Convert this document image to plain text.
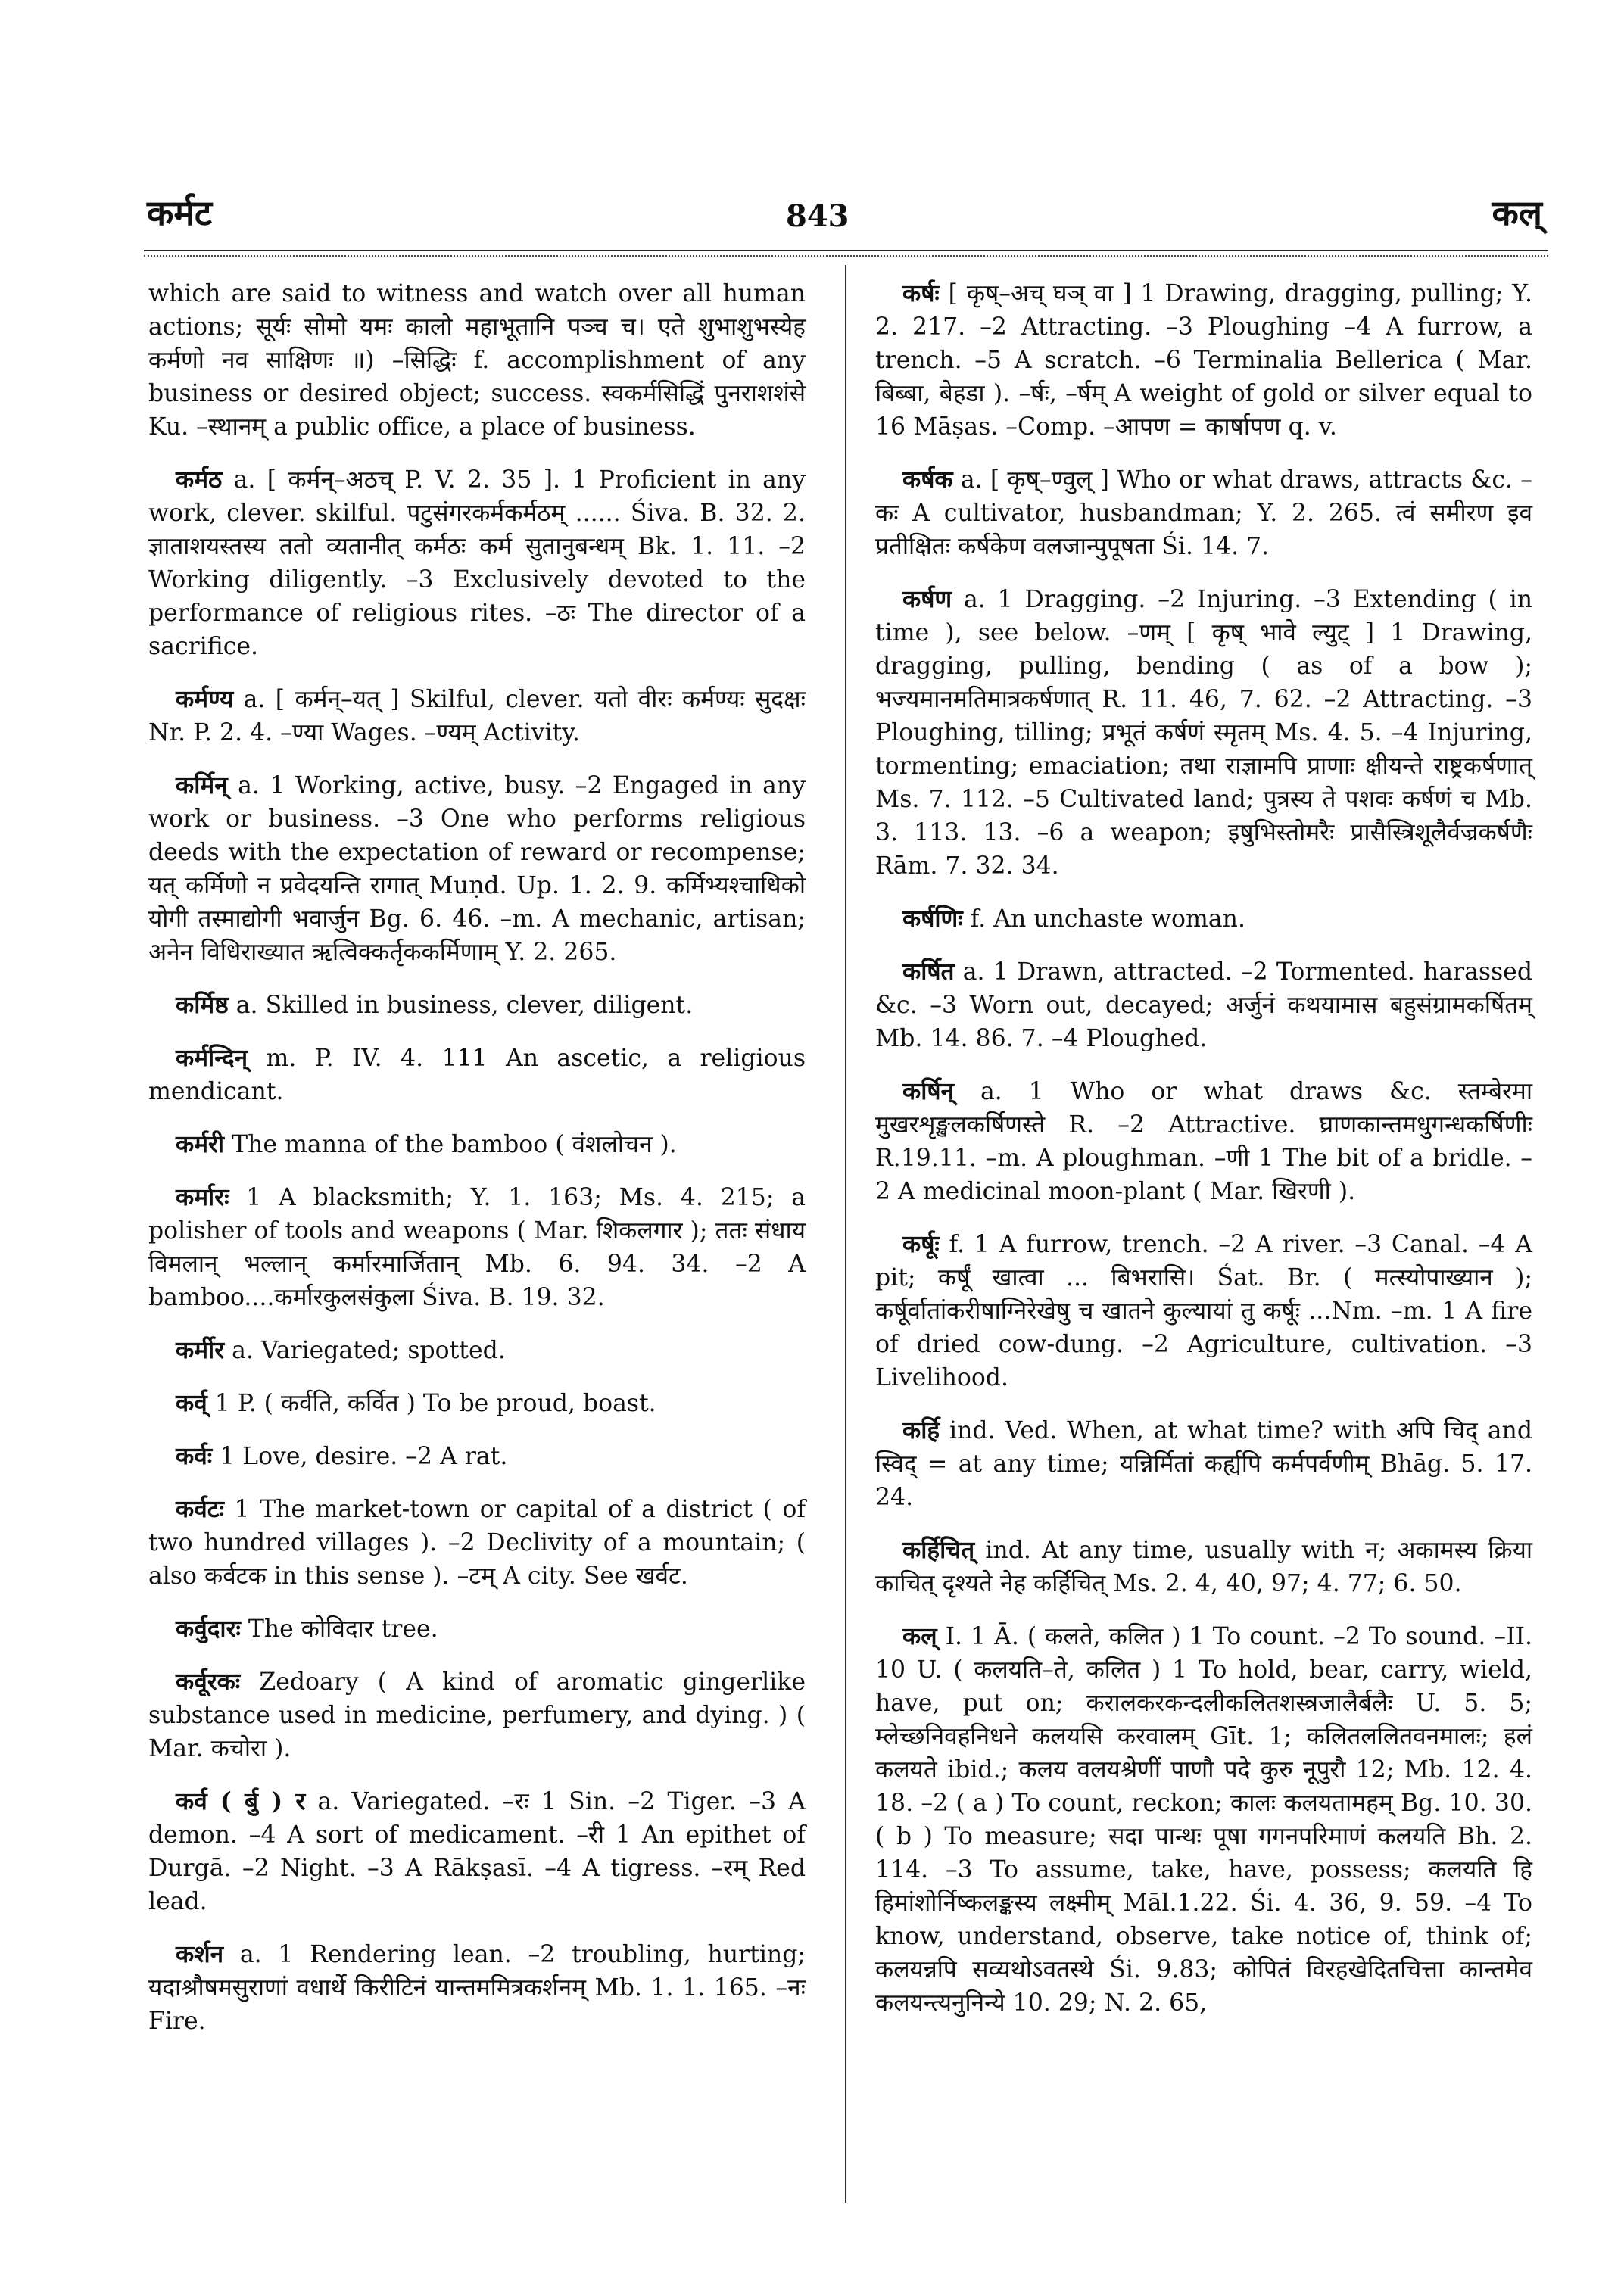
कर्मट	843	कल्

which are said to witness and watch over all human actions; सूर्यः सोमो यमः कालो महाभूतानि पञ्च च। एते शुभाशुभस्येह कर्मणो नव साक्षिणः ॥) –सिद्धिः f. accomplishment of any business or desired object; success. स्वकर्मसिद्धिं पुनराशशंसे Ku. –स्थानम् a public office, a place of business.

कर्मठ a. [ कर्मन्–अठच् P. V. 2. 35 ]. 1 Proficient in any work, clever. skilful. पटुसंगरकर्मकर्मठम् ...... Śiva. B. 32. 2. ज्ञाताशयस्तस्य ततो व्यतानीत् कर्मठः कर्म सुतानुबन्धम् Bk. 1. 11. –2 Working diligently. –3 Exclusively devoted to the performance of religious rites. –ठः The director of a sacrifice.

कर्मण्य a. [ कर्मन्–यत् ] Skilful, clever. यतो वीरः कर्मण्यः सुदक्षः Nr. P. 2. 4. –ण्या Wages. –ण्यम् Activity.

कर्मिन् a. 1 Working, active, busy. –2 Engaged in any work or business. –3 One who performs religious deeds with the expectation of reward or recompense; यत् कर्मिणो न प्रवेदयन्ति रागात् Muṇd. Up. 1. 2. 9. कर्मिभ्यश्चाधिको योगी तस्माद्योगी भवार्जुन Bg. 6. 46. –m. A mechanic, artisan; अनेन विधिराख्यात ऋत्विक्कर्तृककर्मिणाम् Y. 2. 265.

कर्मिष्ठ a. Skilled in business, clever, diligent.

कर्मन्दिन् m. P. IV. 4. 111 An ascetic, a religious mendicant.

कर्मरी The manna of the bamboo ( वंशलोचन ).

कर्मारः 1 A blacksmith; Y. 1. 163; Ms. 4. 215; a polisher of tools and weapons ( Mar. शिकलगार ); ततः संधाय विमलान् भल्लान् कर्मारमार्जितान् Mb. 6. 94. 34. –2 A bamboo....कर्मारकुलसंकुला Śiva. B. 19. 32.

कर्मीर a. Variegated; spotted.

कर्व् 1 P. ( कर्वति, कर्वित ) To be proud, boast.

कर्वः 1 Love, desire. –2 A rat.

कर्वटः 1 The market-town or capital of a district ( of two hundred villages ). –2 Declivity of a mountain; ( also कर्वटक in this sense ). –टम् A city. See खर्वट.

कर्वुदारः The कोविदार tree.

कर्वूरकः Zedoary ( A kind of aromatic gingerlike substance used in medicine, perfumery, and dying. ) ( Mar. कचोरा ).

कर्व ( र्बु ) र a. Variegated. –रः 1 Sin. –2 Tiger. –3 A demon. –4 A sort of medicament. –री 1 An epithet of Durgā. –2 Night. –3 A Rākṣasī. –4 A tigress. –रम् Red lead.

कर्शन a. 1 Rendering lean. –2 troubling, hurting; यदाश्रौषमसुराणां वधार्थे किरीटिनं यान्तममित्रकर्शनम् Mb. 1. 1. 165. –नः Fire.

कर्षः [ कृष्–अच् घञ् वा ] 1 Drawing, dragging, pulling; Y. 2. 217. –2 Attracting. –3 Ploughing –4 A furrow, a trench. –5 A scratch. –6 Terminalia Bellerica ( Mar. बिब्बा, बेहडा ). –र्षः, –र्षम् A weight of gold or silver equal to 16 Māṣas. –Comp. –आपण = कार्षापण q. v.

कर्षक a. [ कृष्–ण्वुल् ] Who or what draws, attracts &c. –कः A cultivator, husbandman; Y. 2. 265. त्वं समीरण इव प्रतीक्षितः कर्षकेण वलजान्पुपूषता Śi. 14. 7.

कर्षण a. 1 Dragging. –2 Injuring. –3 Extending ( in time ), see below. –णम् [ कृष् भावे ल्युट् ] 1 Drawing, dragging, pulling, bending ( as of a bow ); भज्यमानमतिमात्रकर्षणात् R. 11. 46, 7. 62. –2 Attracting. –3 Ploughing, tilling; प्रभूतं कर्षणं स्मृतम् Ms. 4. 5. –4 Injuring, tormenting; emaciation; तथा राज्ञामपि प्राणाः क्षीयन्ते राष्ट्रकर्षणात् Ms. 7. 112. –5 Cultivated land; पुत्रस्य ते पशवः कर्षणं च Mb. 3. 113. 13. –6 a weapon; इषुभिस्तोमरैः प्रासैस्त्रिशूलैर्वज्रकर्षणैः Rām. 7. 32. 34.

कर्षणिः f. An unchaste woman.

कर्षित a. 1 Drawn, attracted. –2 Tormented. harassed &c. –3 Worn out, decayed; अर्जुनं कथयामास बहुसंग्रामकर्षितम् Mb. 14. 86. 7. –4 Ploughed.

कर्षिन् a. 1 Who or what draws &c. स्तम्बेरमा मुखरशृङ्खलकर्षिणस्ते R. –2 Attractive. घ्राणकान्तमधुगन्धकर्षिणीः R.19.11. –m. A ploughman. –णी 1 The bit of a bridle. –2 A medicinal moon-plant ( Mar. खिरणी ).

कर्षूः f. 1 A furrow, trench. –2 A river. –3 Canal. –4 A pit; कर्षूं खात्वा ... बिभरासि। Śat. Br. ( मत्स्योपाख्यान ); कर्षूर्वातांकरीषाग्निरेखेषु च खातने कुल्यायां तु कर्षूः ...Nm. –m. 1 A fire of dried cow-dung. –2 Agriculture, cultivation. –3 Livelihood.

कर्हि ind. Ved. When, at what time? with अपि चिद् and स्विद् = at any time; यन्निर्मितां कर्ह्यपि कर्मपर्वणीम् Bhāg. 5. 17. 24.

कर्हिचित् ind. At any time, usually with न; अकामस्य क्रिया काचित् दृश्यते नेह कर्हिचित् Ms. 2. 4, 40, 97; 4. 77; 6. 50.

कल् I. 1 Ā. ( कलते, कलित ) 1 To count. –2 To sound. –II. 10 U. ( कलयति–ते, कलित ) 1 To hold, bear, carry, wield, have, put on; करालकरकन्दलीकलितशस्त्रजालैर्बलैः U. 5. 5; म्लेच्छनिवहनिधने कलयसि करवालम् Gīt. 1; कलितललितवनमालः; हलं कलयते ibid.; कलय वलयश्रेणीं पाणौ पदे कुरु नूपुरौ 12; Mb. 12. 4. 18. –2 ( a ) To count, reckon; कालः कलयतामहम् Bg. 10. 30. ( b ) To measure; सदा पान्थः पूषा गगनपरिमाणं कलयति Bh. 2. 114. –3 To assume, take, have, possess; कलयति हि हिमांशोर्निष्कलङ्कस्य लक्ष्मीम् Māl.1.22. Śi. 4. 36, 9. 59. –4 To know, understand, observe, take notice of, think of; कलयन्नपि सव्यथोऽवतस्थे Śi. 9.83; कोपितं विरहखेदितचित्ता कान्तमेव कलयन्त्यनुनिन्ये 10. 29; N. 2. 65,
